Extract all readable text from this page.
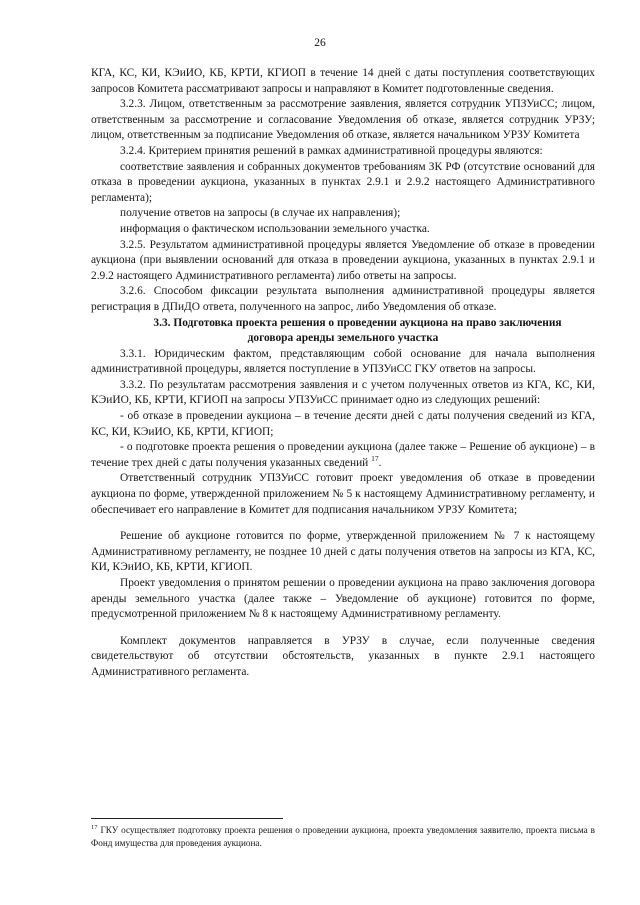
26

КГА, КС, КИ, КЭиИО, КБ, КРТИ, КГИОП в течение 14 дней с даты поступления соответствующих запросов Комитета рассматривают запросы и направляют в Комитет подготовленные сведения.

3.2.3. Лицом, ответственным за рассмотрение заявления, является сотрудник УПЗУиСС; лицом, ответственным за рассмотрение и согласование Уведомления об отказе, является сотрудник УРЗУ; лицом, ответственным за подписание Уведомления об отказе, является начальником УРЗУ Комитета

3.2.4. Критерием принятия решений в рамках административной процедуры являются:

соответствие заявления и собранных документов требованиям ЗК РФ (отсутствие оснований для отказа в проведении аукциона, указанных в пунктах 2.9.1 и 2.9.2 настоящего Административного регламента);

получение ответов на запросы (в случае их направления);

информация о фактическом использовании земельного участка.

3.2.5. Результатом административной процедуры является Уведомление об отказе в проведении аукциона (при выявлении оснований для отказа в проведении аукциона, указанных в пунктах 2.9.1 и 2.9.2 настоящего Административного регламента) либо ответы на запросы.

3.2.6. Способом фиксации результата выполнения административной процедуры является регистрация в ДПиДО ответа, полученного на запрос, либо Уведомления об отказе.

3.3. Подготовка проекта решения о проведении аукциона на право заключения
договора аренды земельного участка

3.3.1. Юридическим фактом, представляющим собой основание для начала выполнения административной процедуры, является поступление в УПЗУиСС ГКУ ответов на запросы.

3.3.2. По результатам рассмотрения заявления и с учетом полученных ответов из КГА, КС, КИ, КЭиИО, КБ, КРТИ, КГИОП на запросы УПЗУиСС принимает одно из следующих решений:

- об отказе в проведении аукциона – в течение десяти дней с даты получения сведений из КГА, КС, КИ, КЭиИО, КБ, КРТИ, КГИОП;

- о подготовке проекта решения о проведении аукциона (далее также – Решение об аукционе) – в течение трех дней с даты получения указанных сведений $^{17}$.

Ответственный сотрудник УПЗУиСС готовит проект уведомления об отказе в проведении аукциона по форме, утвержденной приложением № 5 к настоящему Административному регламенту, и обеспечивает его направление в Комитет для подписания начальником УРЗУ Комитета;

Решение об аукционе готовится по форме, утвержденной приложением № 7 к настоящему Административному регламенту, не позднее 10 дней с даты получения ответов на запросы из КГА, КС, КИ, КЭиИО, КБ, КРТИ, КГИОП.

Проект уведомления о принятом решении о проведении аукциона на право заключения договора аренды земельного участка (далее также – Уведомление об аукционе) готовится по форме, предусмотренной приложением № 8 к настоящему Административному регламенту.

Комплект документов направляется в УРЗУ в случае, если полученные сведения свидетельствуют об отсутствии обстоятельств, указанных в пункте 2.9.1 настоящего Административного регламента.

$^{17}$ ГКУ осуществляет подготовку проекта решения о проведении аукциона, проекта уведомления заявителю, проекта письма в Фонд имущества для проведения аукциона.
